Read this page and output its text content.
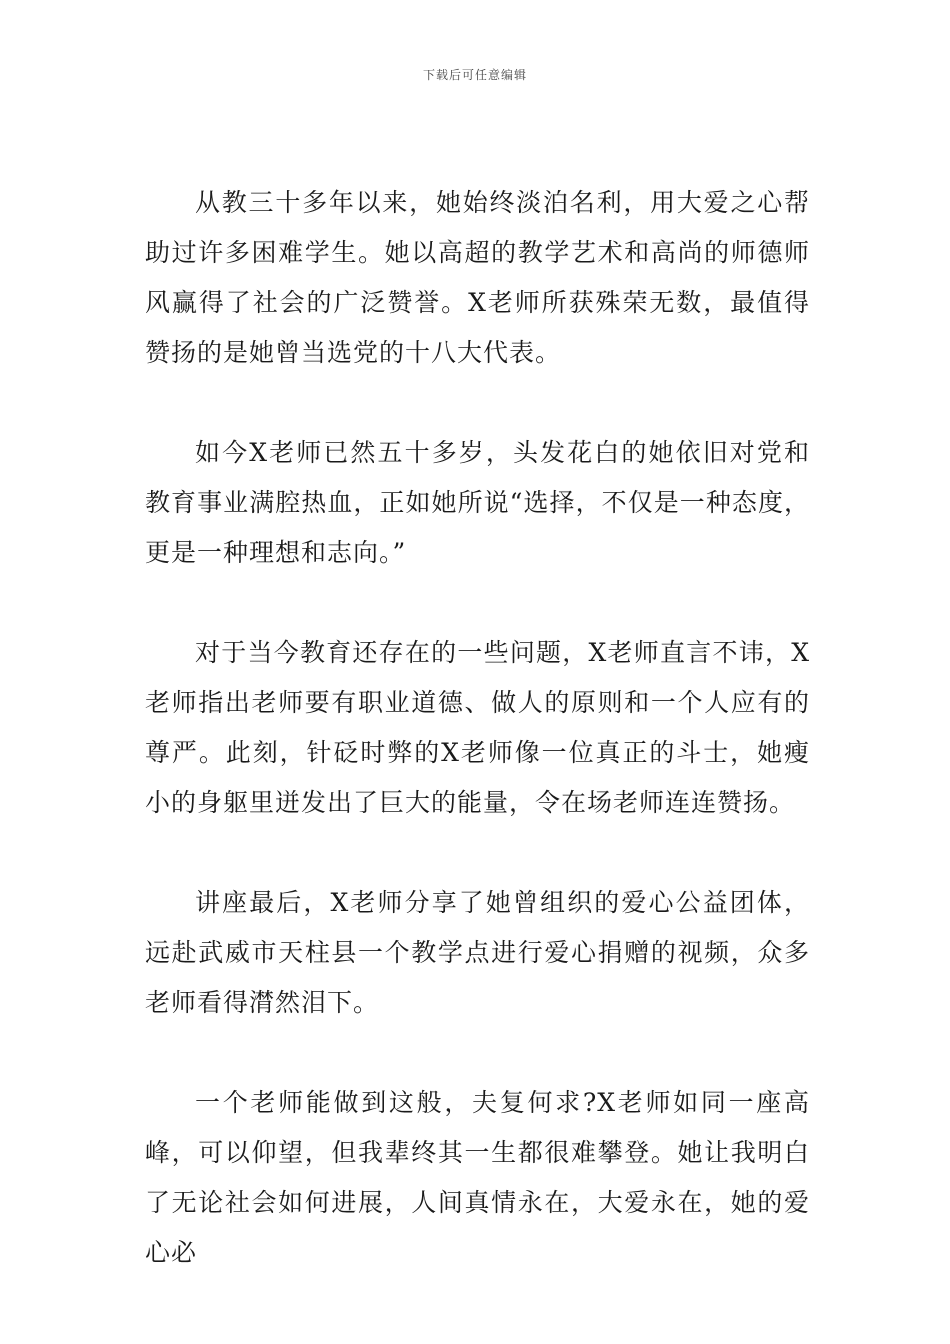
下载后可任意编辑

从教三十多年以来，她始终淡泊名利，用大爱之心帮助过许多困难学生。她以高超的教学艺术和高尚的师德师风赢得了社会的广泛赞誉。X老师所获殊荣无数，最值得赞扬的是她曾当选党的十八大代表。

如今X老师已然五十多岁，头发花白的她依旧对党和教育事业满腔热血，正如她所说“选择，不仅是一种态度，更是一种理想和志向。”

对于当今教育还存在的一些问题，X老师直言不讳，X老师指出老师要有职业道德、做人的原则和一个人应有的尊严。此刻，针砭时弊的X老师像一位真正的斗士，她瘦小的身躯里迸发出了巨大的能量，令在场老师连连赞扬。

讲座最后，X老师分享了她曾组织的爱心公益团体，远赴武威市天柱县一个教学点进行爱心捐赠的视频，众多老师看得潸然泪下。

一个老师能做到这般，夫复何求?X老师如同一座高峰，可以仰望，但我辈终其一生都很难攀登。她让我明白了无论社会如何进展，人间真情永在，大爱永在，她的爱心必
